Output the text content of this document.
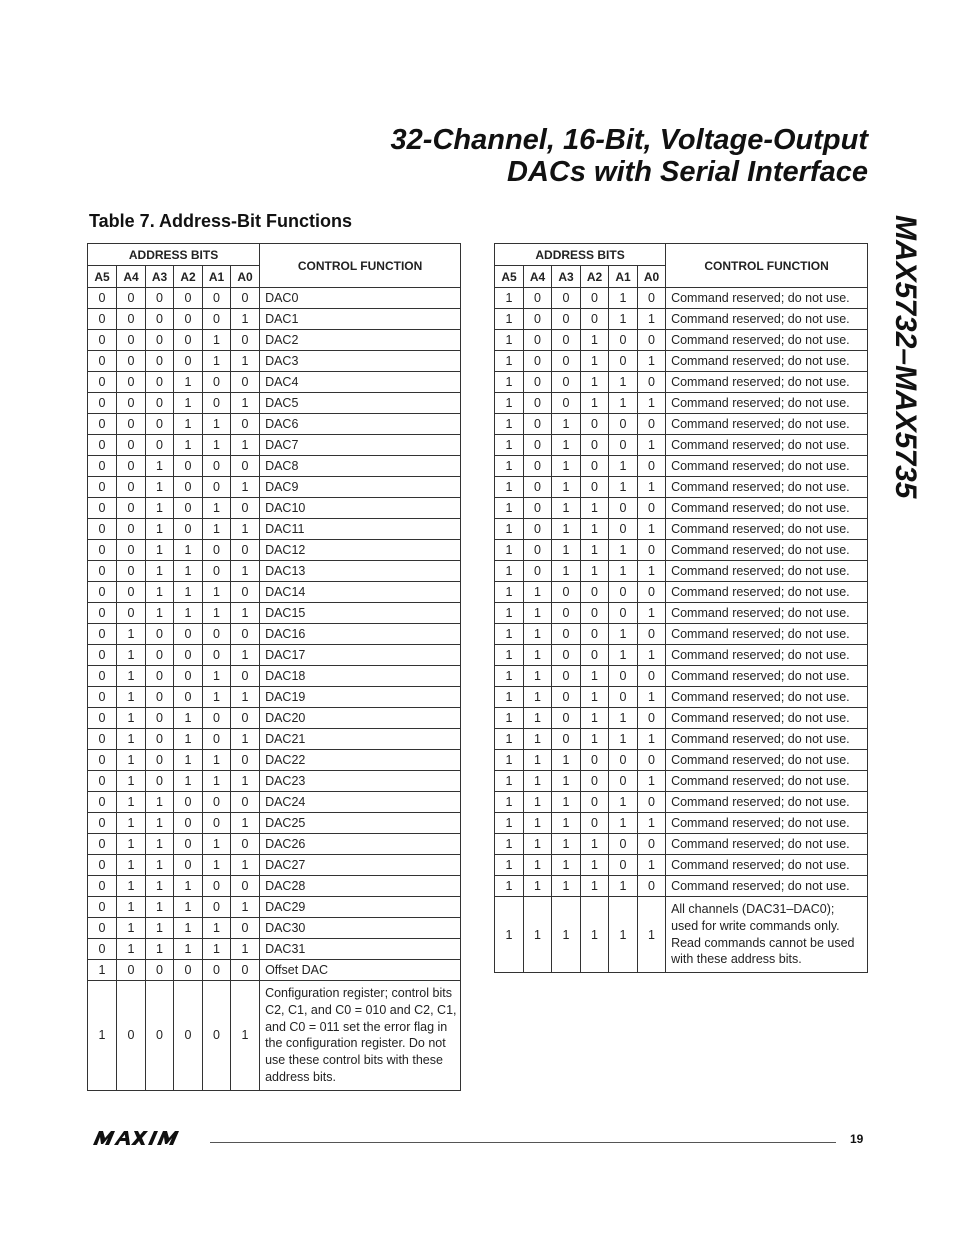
32-Channel, 16-Bit, Voltage-Output
DACs with Serial Interface
MAX5732–MAX5735
Table 7. Address-Bit Functions
ADDRESS BITS						CONTROL FUNCTION
A5	A4	A3	A2	A1	A0	
0	0	0	0	0	0	DAC0
0	0	0	0	0	1	DAC1
0	0	0	0	1	0	DAC2
0	0	0	0	1	1	DAC3
0	0	0	1	0	0	DAC4
0	0	0	1	0	1	DAC5
0	0	0	1	1	0	DAC6
0	0	0	1	1	1	DAC7
0	0	1	0	0	0	DAC8
0	0	1	0	0	1	DAC9
0	0	1	0	1	0	DAC10
0	0	1	0	1	1	DAC11
0	0	1	1	0	0	DAC12
0	0	1	1	0	1	DAC13
0	0	1	1	1	0	DAC14
0	0	1	1	1	1	DAC15
0	1	0	0	0	0	DAC16
0	1	0	0	0	1	DAC17
0	1	0	0	1	0	DAC18
0	1	0	0	1	1	DAC19
0	1	0	1	0	0	DAC20
0	1	0	1	0	1	DAC21
0	1	0	1	1	0	DAC22
0	1	0	1	1	1	DAC23
0	1	1	0	0	0	DAC24
0	1	1	0	0	1	DAC25
0	1	1	0	1	0	DAC26
0	1	1	0	1	1	DAC27
0	1	1	1	0	0	DAC28
0	1	1	1	0	1	DAC29
0	1	1	1	1	0	DAC30
0	1	1	1	1	1	DAC31
1	0	0	0	0	0	Offset DAC
1	0	0	0	0	1	Configuration register; control bits C2, C1, and C0 = 010 and C2, C1, and C0 = 011 set the error flag in the configuration register. Do not use these control bits with these address bits.
ADDRESS BITS						CONTROL FUNCTION
A5	A4	A3	A2	A1	A0	
1	0	0	0	1	0	Command reserved; do not use.
1	0	0	0	1	1	Command reserved; do not use.
1	0	0	1	0	0	Command reserved; do not use.
1	0	0	1	0	1	Command reserved; do not use.
1	0	0	1	1	0	Command reserved; do not use.
1	0	0	1	1	1	Command reserved; do not use.
1	0	1	0	0	0	Command reserved; do not use.
1	0	1	0	0	1	Command reserved; do not use.
1	0	1	0	1	0	Command reserved; do not use.
1	0	1	0	1	1	Command reserved; do not use.
1	0	1	1	0	0	Command reserved; do not use.
1	0	1	1	0	1	Command reserved; do not use.
1	0	1	1	1	0	Command reserved; do not use.
1	0	1	1	1	1	Command reserved; do not use.
1	1	0	0	0	0	Command reserved; do not use.
1	1	0	0	0	1	Command reserved; do not use.
1	1	0	0	1	0	Command reserved; do not use.
1	1	0	0	1	1	Command reserved; do not use.
1	1	0	1	0	0	Command reserved; do not use.
1	1	0	1	0	1	Command reserved; do not use.
1	1	0	1	1	0	Command reserved; do not use.
1	1	0	1	1	1	Command reserved; do not use.
1	1	1	0	0	0	Command reserved; do not use.
1	1	1	0	0	1	Command reserved; do not use.
1	1	1	0	1	0	Command reserved; do not use.
1	1	1	0	1	1	Command reserved; do not use.
1	1	1	1	0	0	Command reserved; do not use.
1	1	1	1	0	1	Command reserved; do not use.
1	1	1	1	1	0	Command reserved; do not use.
1	1	1	1	1	1	All channels (DAC31–DAC0); used for write commands only. Read commands cannot be used with these address bits.
19
